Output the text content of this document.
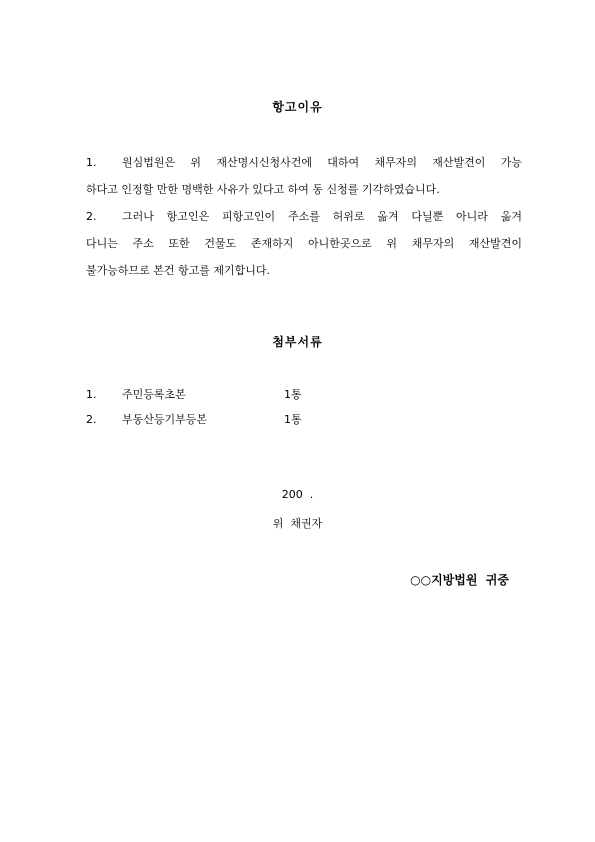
항고이유
1. 원심법원은 위 재산명시신청사건에 대하여 채무자의 재산발견이 가능
하다고 인정할 만한 명백한 사유가 있다고 하여 동 신청를 기각하였습니다.
2. 그러나 항고인은 피항고인이 주소를 허위로 옮겨 다닐뿐 아니라 옮겨
다니는 주소 또한 건물도 존재하지 아니한곳으로 위 채무자의 재산발견이
불가능하므로 본건 항고를 제기합니다.
첨부서류
1.	주민등록초본	1통
2.	부동산등기부등본	1통
200  .
위  채권자
○○지방법원  귀중
